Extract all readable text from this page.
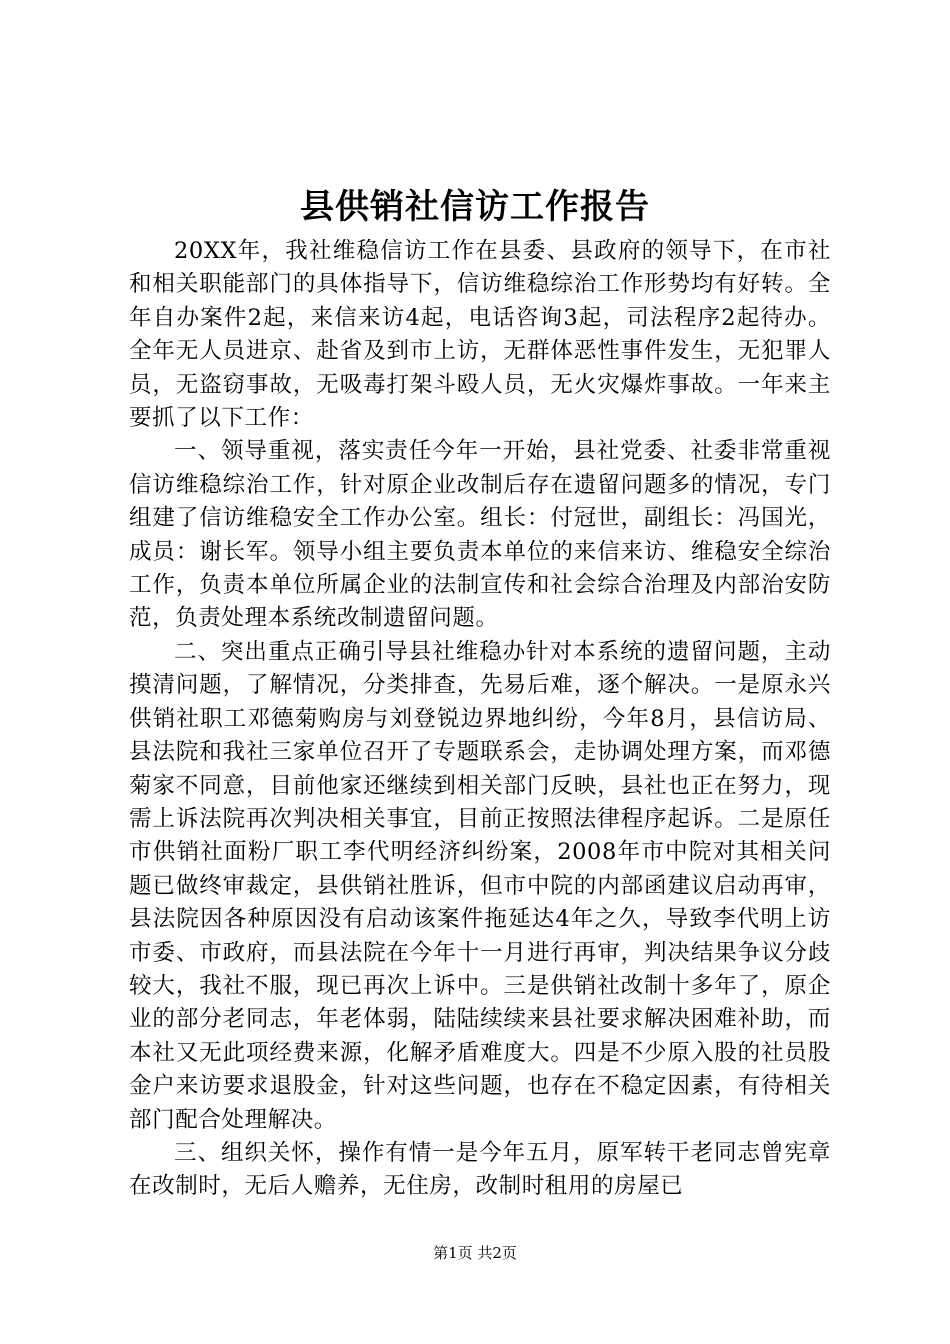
县供销社信访工作报告

20XX年，我社维稳信访工作在县委、县政府的领导下，在市社和相关职能部门的具体指导下，信访维稳综治工作形势均有好转。全年自办案件2起，来信来访4起，电话咨询3起，司法程序2起待办。全年无人员进京、赴省及到市上访，无群体恶性事件发生，无犯罪人员，无盗窃事故，无吸毒打架斗殴人员，无火灾爆炸事故。一年来主要抓了以下工作：

一、领导重视，落实责任今年一开始，县社党委、社委非常重视信访维稳综治工作，针对原企业改制后存在遗留问题多的情况，专门组建了信访维稳安全工作办公室。组长：付冠世，副组长：冯国光，成员：谢长军。领导小组主要负责本单位的来信来访、维稳安全综治工作，负责本单位所属企业的法制宣传和社会综合治理及内部治安防范，负责处理本系统改制遗留问题。

二、突出重点正确引导县社维稳办针对本系统的遗留问题，主动摸清问题，了解情况，分类排查，先易后难，逐个解决。一是原永兴供销社职工邓德菊购房与刘登锐边界地纠纷，今年8月，县信访局、县法院和我社三家单位召开了专题联系会，走协调处理方案，而邓德菊家不同意，目前他家还继续到相关部门反映，县社也正在努力，现需上诉法院再次判决相关事宜，目前正按照法律程序起诉。二是原任市供销社面粉厂职工李代明经济纠纷案，2008年市中院对其相关问题已做终审裁定，县供销社胜诉，但市中院的内部函建议启动再审，县法院因各种原因没有启动该案件拖延达4年之久，导致李代明上访市委、市政府，而县法院在今年十一月进行再审，判决结果争议分歧较大，我社不服，现已再次上诉中。三是供销社改制十多年了，原企业的部分老同志，年老体弱，陆陆续续来县社要求解决困难补助，而本社又无此项经费来源，化解矛盾难度大。四是不少原入股的社员股金户来访要求退股金，针对这些问题，也存在不稳定因素，有待相关部门配合处理解决。

三、组织关怀，操作有情一是今年五月，原军转干老同志曾宪章在改制时，无后人赡养，无住房，改制时租用的房屋已

第1页 共2页
